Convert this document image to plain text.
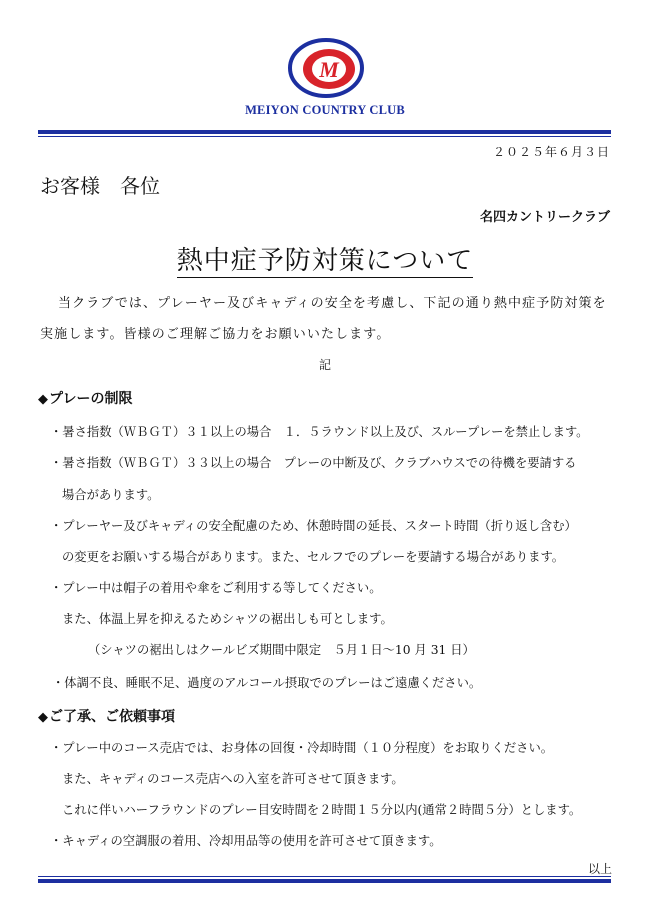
M
MEIYON COUNTRY CLUB
２０２５年６月３日
お客様　各位
名四カントリークラブ
熱中症予防対策について
当クラブでは、プレーヤー及びキャディの安全を考慮し、下記の通り熱中症予防対策を実施します。皆様のご理解ご協力をお願いいたします。
記
◆プレーの制限
・暑さ指数（ＷＢＧＴ）３１以上の場合　１．５ラウンド以上及び、スループレーを禁止します。
・暑さ指数（ＷＢＧＴ）３３以上の場合　プレーの中断及び、クラブハウスでの待機を要請する
場合があります。
・プレーヤー及びキャディの安全配慮のため、休憩時間の延長、スタート時間（折り返し含む）
の変更をお願いする場合があります。また、セルフでのプレーを要請する場合があります。
・プレー中は帽子の着用や傘をご利用する等してください。
また、体温上昇を抑えるためシャツの裾出しも可とします。
（シャツの裾出しはクールビズ期間中限定　５月１日～10 月 31 日）
・体調不良、睡眠不足、過度のアルコール摂取でのプレーはご遠慮ください。
◆ご了承、ご依頼事項
・プレー中のコース売店では、お身体の回復・冷却時間（１０分程度）をお取りください。
また、キャディのコース売店への入室を許可させて頂きます。
これに伴いハーフラウンドのプレー目安時間を２時間１５分以内(通常２時間５分）とします。
・キャディの空調服の着用、冷却用品等の使用を許可させて頂きます。
以上
